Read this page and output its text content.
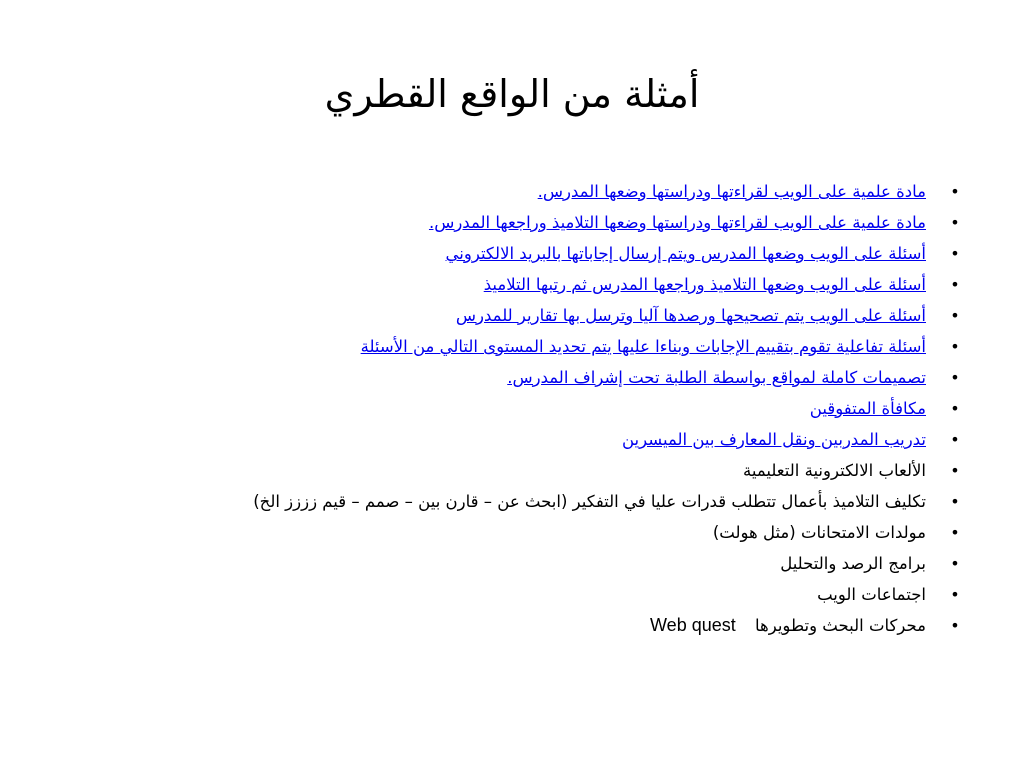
أمثلة من الواقع القطري
•
مادة علمية على الويب لقراءتها ودراستها وضعها المدرس.
•
مادة علمية على الويب لقراءتها ودراستها وضعها التلاميذ وراجعها المدرس.
•
أسئلة على الويب وضعها المدرس ويتم إرسال إجاباتها بالبريد الالكتروني
•
أسئلة على الويب وضعها التلاميذ وراجعها المدرس ثم رتبها التلاميذ
•
أسئلة على الويب يتم تصحيحها ورصدها آليا وترسل بها تقارير للمدرس
•
أسئلة تفاعلية تقوم بتقييم الإجابات وبناءا عليها يتم تحديد المستوى التالي من الأسئلة
•
تصميمات كاملة لمواقع بواسطة الطلبة تحت إشراف المدرس.
•
مكافأة المتفوقين
•
تدريب المدربين ونقل المعارف بين الميسرين
•
الألعاب الالكترونية التعليمية
•
تكليف التلاميذ بأعمال تتطلب قدرات عليا في التفكير (ابحث عن – قارن بين – صمم – قيم زززز الخ)
•
مولدات الامتحانات (مثل هولت)
•
برامج الرصد والتحليل
•
اجتماعات الويب
•
محركات البحث وتطويرها Web quest
